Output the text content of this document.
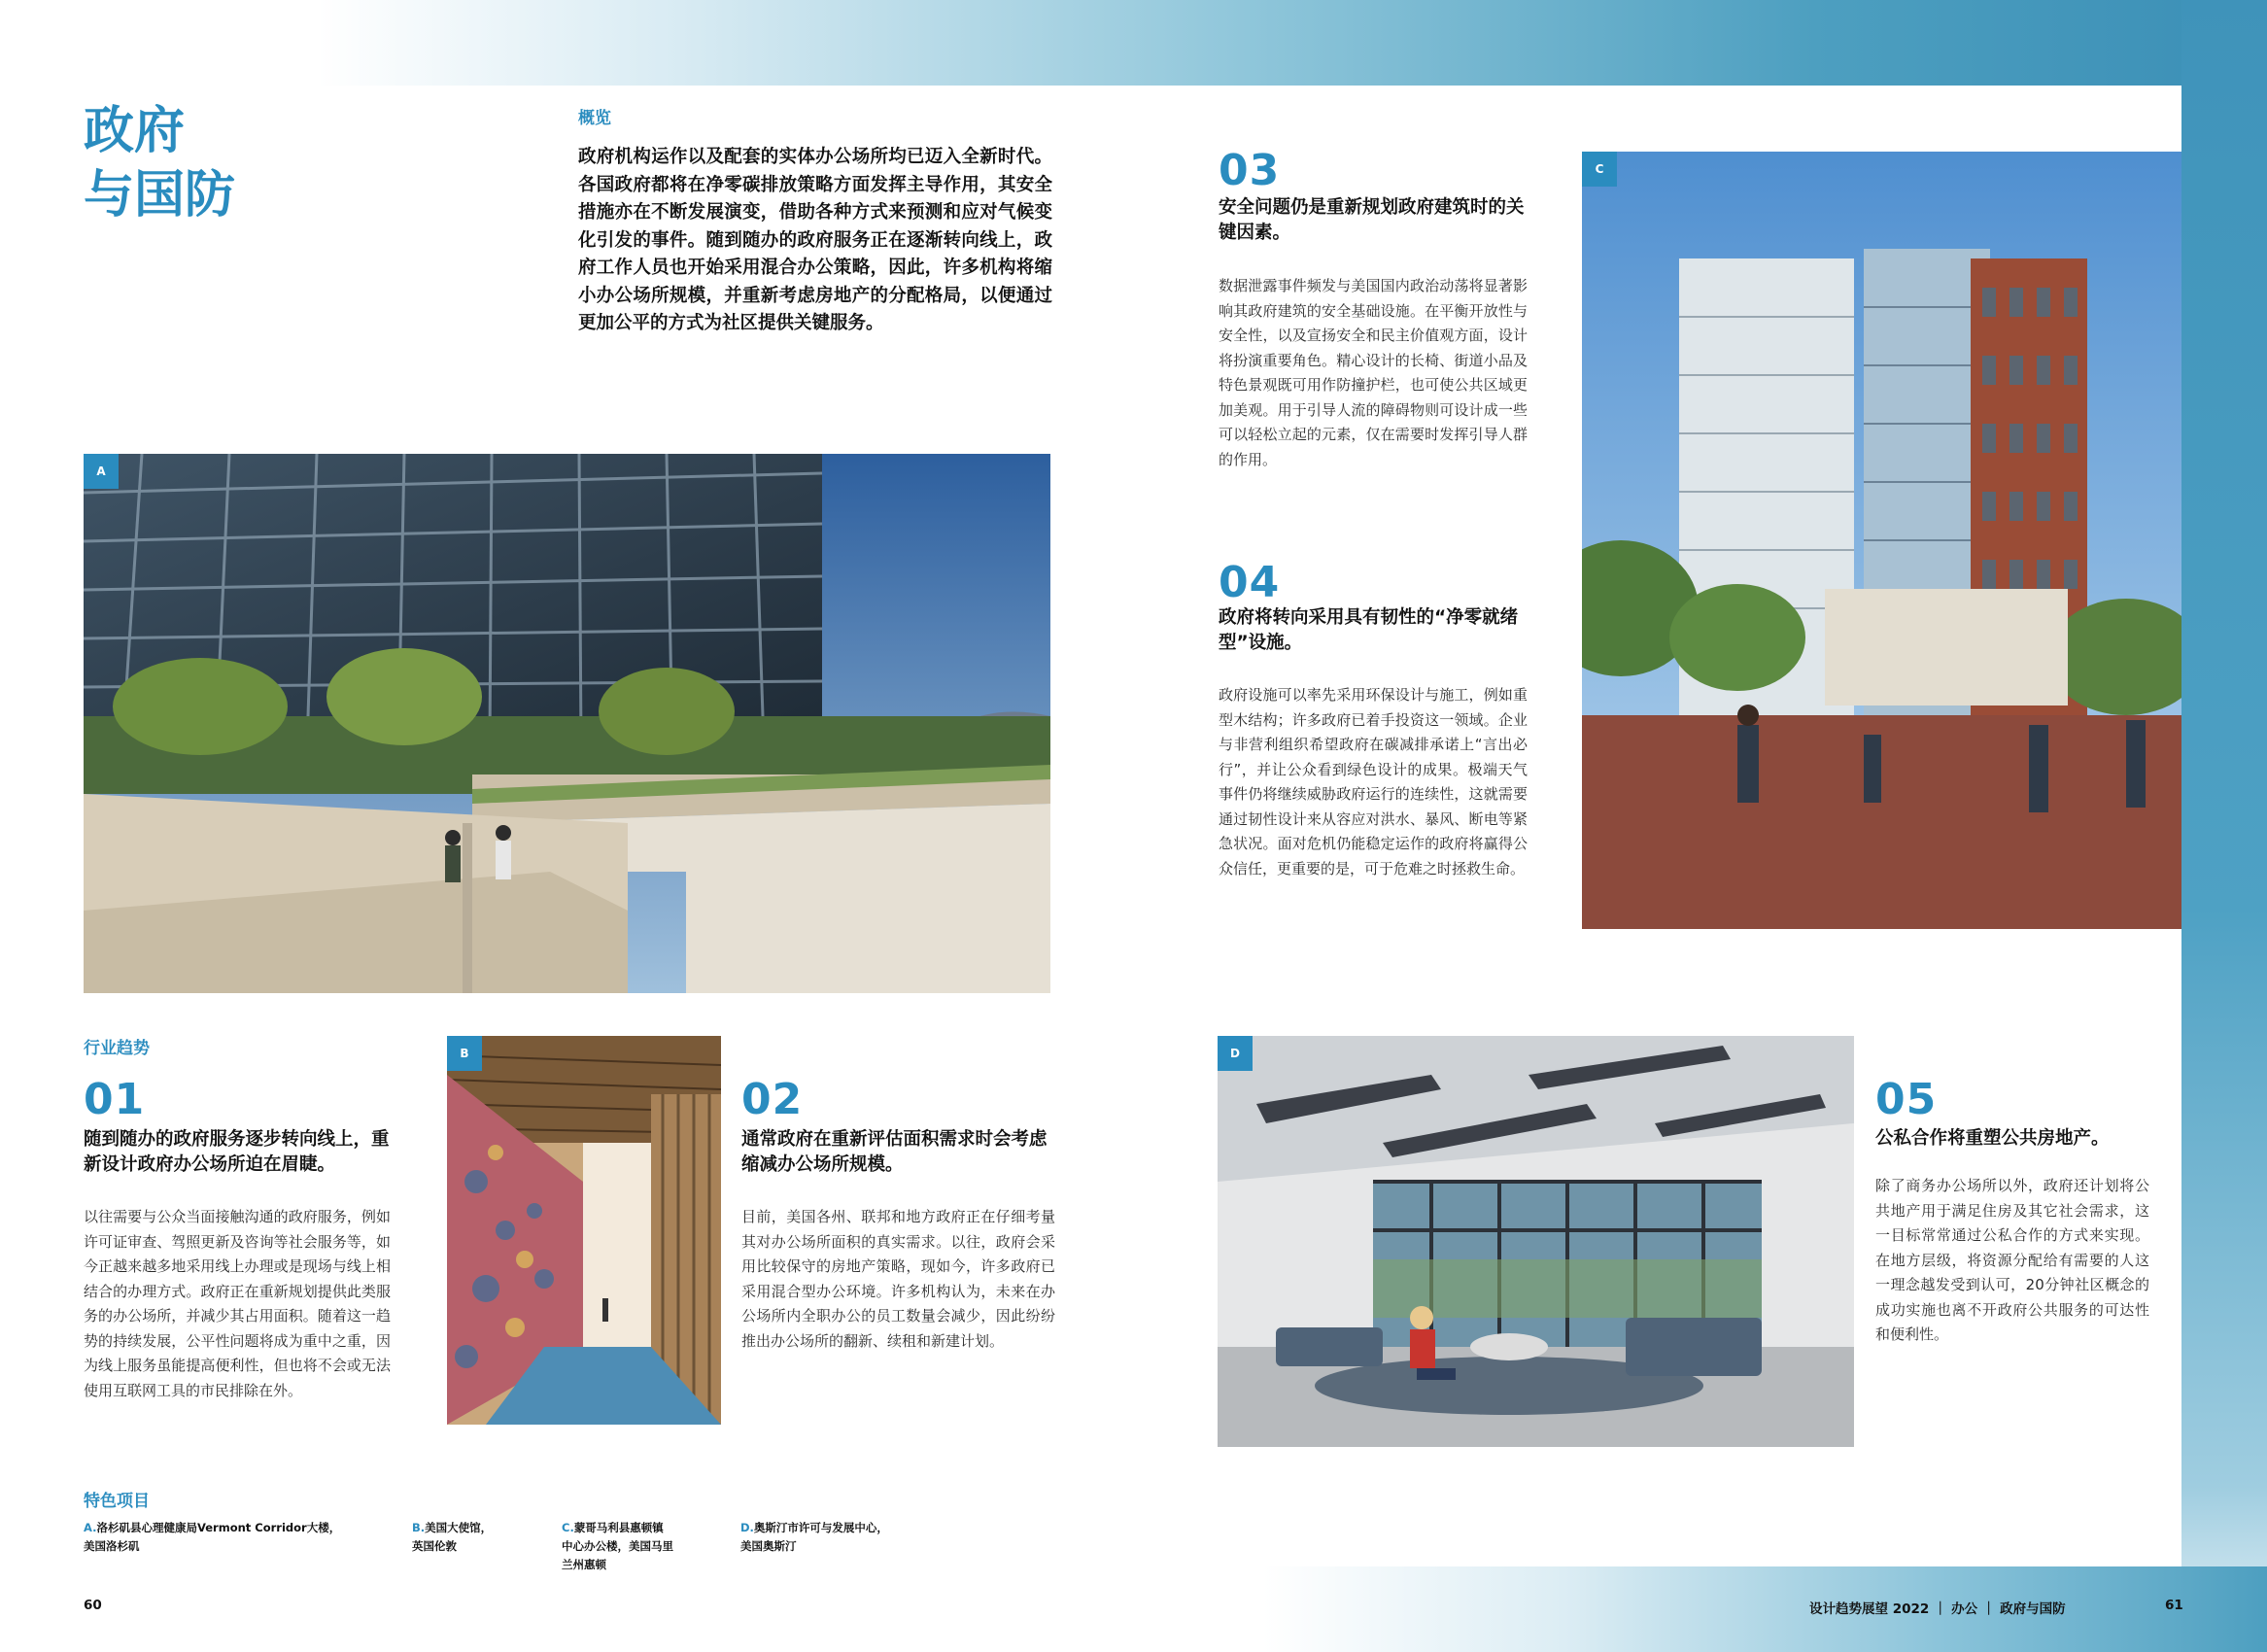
政府
与国防
概览
政府机构运作以及配套的实体办公场所均已迈入全新时代。各国政府都将在净零碳排放策略方面发挥主导作用，其安全措施亦在不断发展演变，借助各种方式来预测和应对气候变化引发的事件。随到随办的政府服务正在逐渐转向线上，政府工作人员也开始采用混合办公策略，因此，许多机构将缩小办公场所规模，并重新考虑房地产的分配格局，以便通过更加公平的方式为社区提供关键服务。
A
03
安全问题仍是重新规划政府建筑时的关键因素。
数据泄露事件频发与美国国内政治动荡将显著影响其政府建筑的安全基础设施。在平衡开放性与安全性，以及宣扬安全和民主价值观方面，设计将扮演重要角色。精心设计的长椅、街道小品及特色景观既可用作防撞护栏，也可使公共区域更加美观。用于引导人流的障碍物则可设计成一些可以轻松立起的元素，仅在需要时发挥引导人群的作用。
04
政府将转向采用具有韧性的“净零就绪型”设施。
政府设施可以率先采用环保设计与施工，例如重型木结构；许多政府已着手投资这一领域。企业与非营利组织希望政府在碳减排承诺上“言出必行”，并让公众看到绿色设计的成果。极端天气事件仍将继续威胁政府运行的连续性，这就需要通过韧性设计来从容应对洪水、暴风、断电等紧急状况。面对危机仍能稳定运作的政府将赢得公众信任，更重要的是，可于危难之时拯救生命。
C
行业趋势
01
随到随办的政府服务逐步转向线上，重新设计政府办公场所迫在眉睫。
以往需要与公众当面接触沟通的政府服务，例如许可证审查、驾照更新及咨询等社会服务等，如今正越来越多地采用线上办理或是现场与线上相结合的办理方式。政府正在重新规划提供此类服务的办公场所，并减少其占用面积。随着这一趋势的持续发展，公平性问题将成为重中之重，因为线上服务虽能提高便利性，但也将不会或无法使用互联网工具的市民排除在外。
B
02
通常政府在重新评估面积需求时会考虑缩减办公场所规模。
目前，美国各州、联邦和地方政府正在仔细考量其对办公场所面积的真实需求。以往，政府会采用比较保守的房地产策略，现如今，许多政府已采用混合型办公环境。许多机构认为，未来在办公场所内全职办公的员工数量会减少，因此纷纷推出办公场所的翻新、续租和新建计划。
D
05
公私合作将重塑公共房地产。
除了商务办公场所以外，政府还计划将公共地产用于满足住房及其它社会需求，这一目标常常通过公私合作的方式来实现。在地方层级，将资源分配给有需要的人这一理念越发受到认可，20分钟社区概念的成功实施也离不开政府公共服务的可达性和便利性。
特色项目
A.洛杉矶县心理健康局Vermont Corridor大楼，
美国洛杉矶
B.美国大使馆，
英国伦敦
C.蒙哥马利县惠顿镇
中心办公楼，美国马里
兰州惠顿
D.奥斯汀市许可与发展中心，
美国奥斯汀
60	设计趋势展望 2022 ｜ 办公 ｜ 政府与国防	61
